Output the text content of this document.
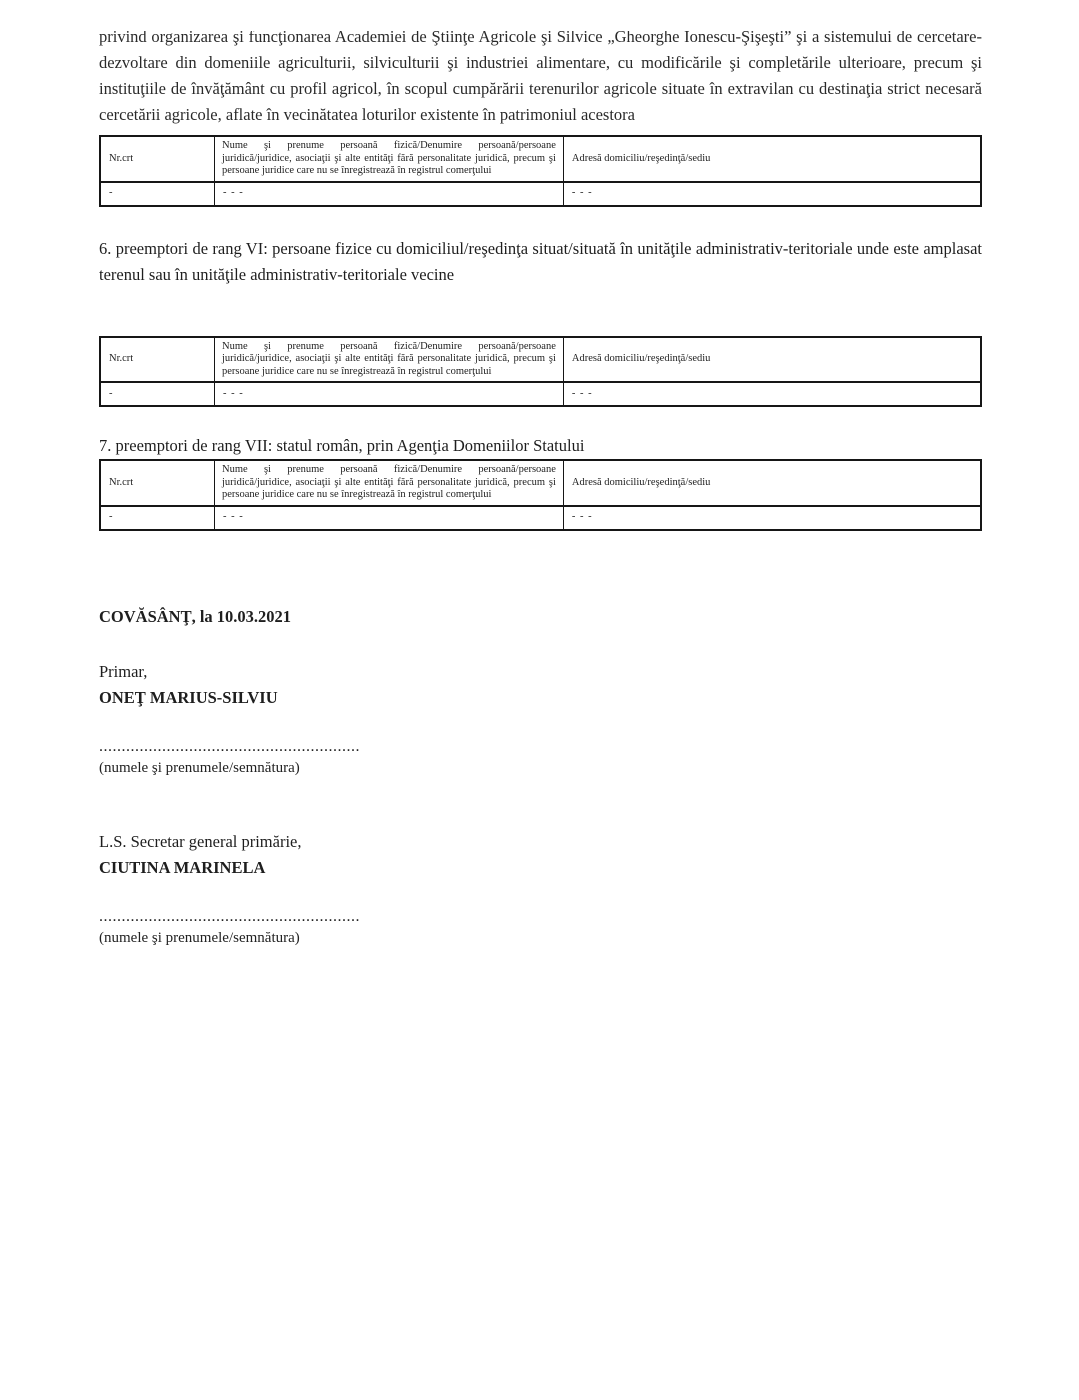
privind organizarea şi funcţionarea Academiei de Ştiinţe Agricole şi Silvice „Gheorghe Ionescu-Şişeşti” şi a sistemului de cercetare-dezvoltare din domeniile agriculturii, silviculturii şi industriei alimentare, cu modificările şi completările ulterioare, precum şi instituţiile de învăţământ cu profil agricol, în scopul cumpărării terenurilor agricole situate în extravilan cu destinaţia strict necesară cercetării agricole, aflate în vecinătatea loturilor existente în patrimoniul acestora

Nr.crt	Nume şi prenume persoană fizică/Denumire persoană/persoane juridică/juridice, asociaţii şi alte entităţi fără personalitate juridică, precum şi persoane juridice care nu se înregistrează în registrul comerţului	Adresă domiciliu/reşedinţă/sediu
-	- - -	- - -

6. preemptori de rang VI: persoane fizice cu domiciliul/reşedinţa situat/situată în unităţile administrativ-teritoriale unde este amplasat terenul sau în unităţile administrativ-teritoriale vecine

Nr.crt	Nume şi prenume persoană fizică/Denumire persoană/persoane juridică/juridice, asociaţii şi alte entităţi fără personalitate juridică, precum şi persoane juridice care nu se înregistrează în registrul comerţului	Adresă domiciliu/reşedinţă/sediu
-	- - -	- - -

7. preemptori de rang VII: statul român, prin Agenţia Domeniilor Statului

Nr.crt	Nume şi prenume persoană fizică/Denumire persoană/persoane juridică/juridice, asociaţii şi alte entităţi fără personalitate juridică, precum şi persoane juridice care nu se înregistrează în registrul comerţului	Adresă domiciliu/reşedinţă/sediu
-	- - -	- - -

COVĂSÂNŢ, la 10.03.2021

Primar,

ONEŢ MARIUS-SILVIU

..........................................................

(numele şi prenumele/semnătura)

L.S. Secretar general primărie,

CIUTINA MARINELA

..........................................................

(numele şi prenumele/semnătura)
